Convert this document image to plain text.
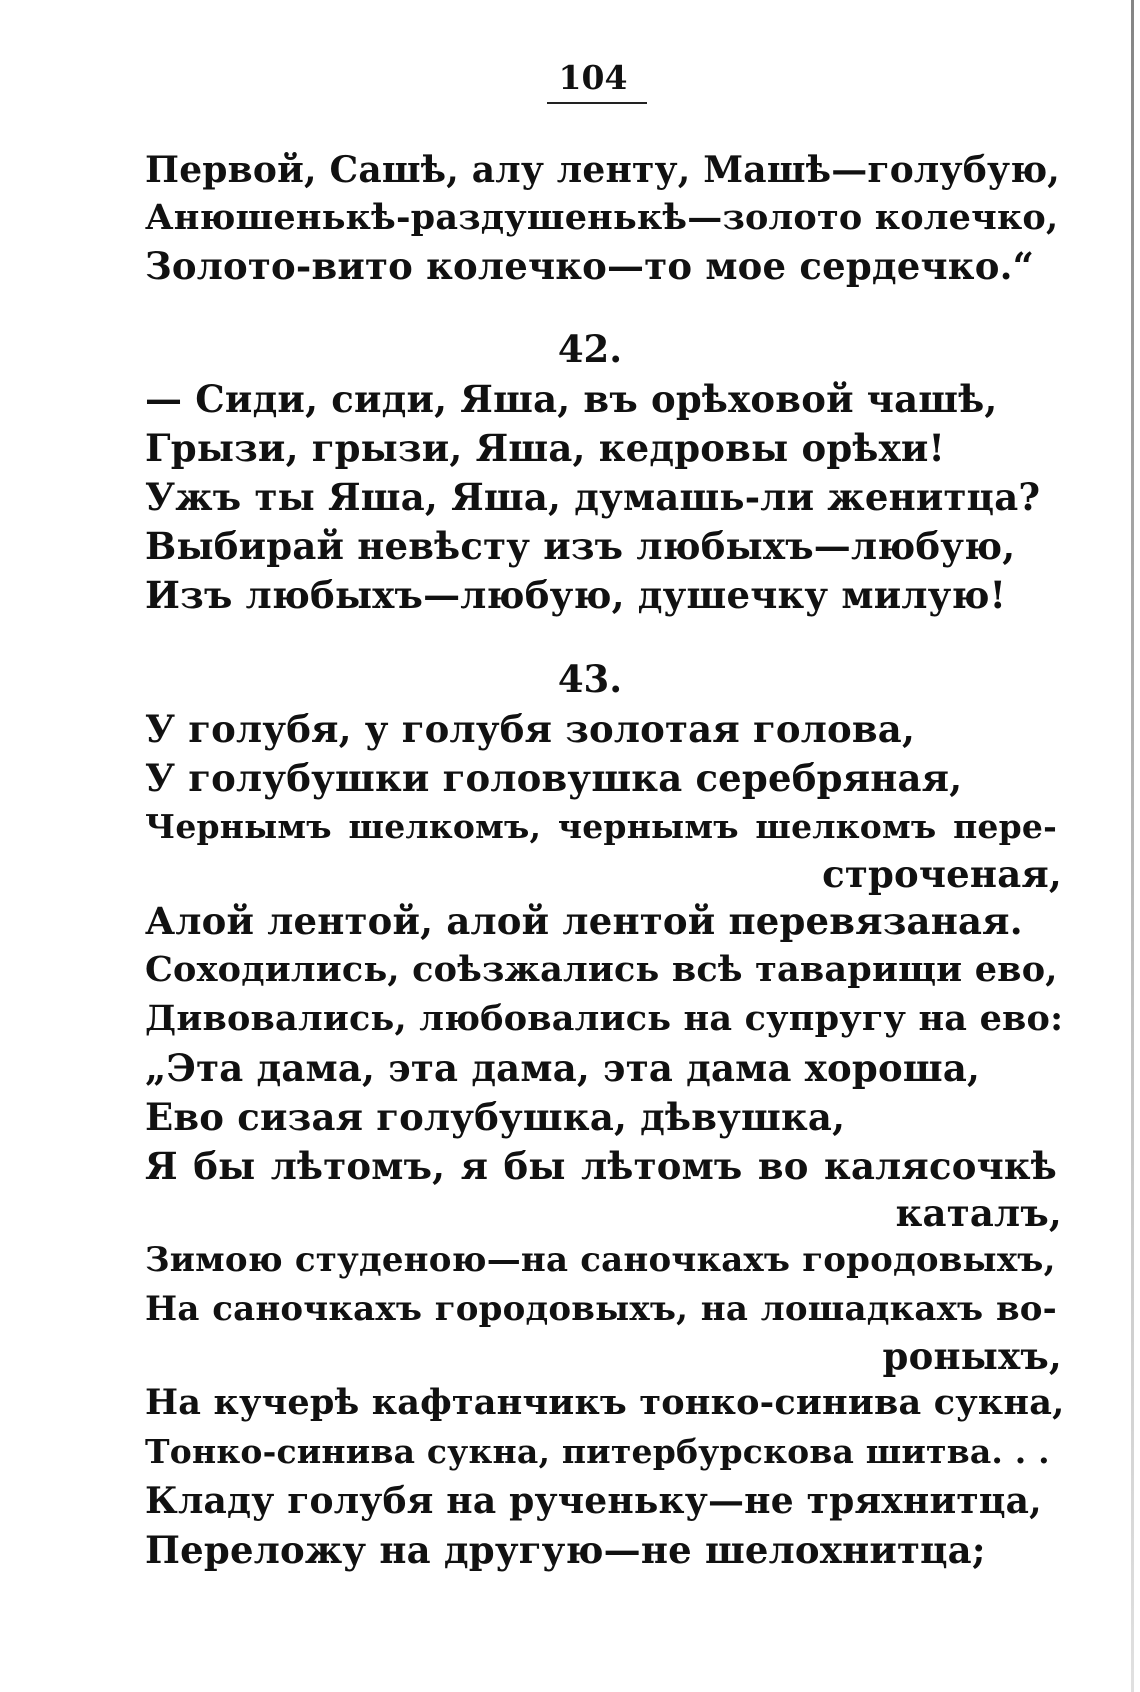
104
Первой, Сашѣ, алу ленту, Машѣ—голубую,
Анюшенькѣ-раздушенькѣ—золото колечко,
Золото-вито колечко—то мое сердечко.“
42.
— Сиди, сиди, Яша, въ орѣховой чашѣ,
Грызи, грызи, Яша, кедровы орѣхи!
Ужъ ты Яша, Яша, думашь-ли женитца?
Выбирай невѣсту изъ любыхъ—любую,
Изъ любыхъ—любую, душечку милую!
43.
У голубя, у голубя золотая голова,
У голубушки головушка серебряная,
Чернымъ шелкомъ, чернымъ шелкомъ пере-
строченая,
Алой лентой, алой лентой перевязаная.
Соходились, соѣзжались всѣ таварищи ево,
Дивовались, любовались на супругу на ево:
„Эта дама, эта дама, эта дама хороша,
Ево сизая голубушка, дѣвушка,
Я бы лѣтомъ, я бы лѣтомъ во калясочкѣ
каталъ,
Зимою студеною—на саночкахъ городовыхъ,
На саночкахъ городовыхъ, на лошадкахъ во-
роныхъ,
На кучерѣ кафтанчикъ тонко-синива сукна,
Тонко-синива сукна, питербурскова шитва. . .
Кладу голубя на рученьку—не тряхнитца,
Переложу на другую—не шелохнитца;
